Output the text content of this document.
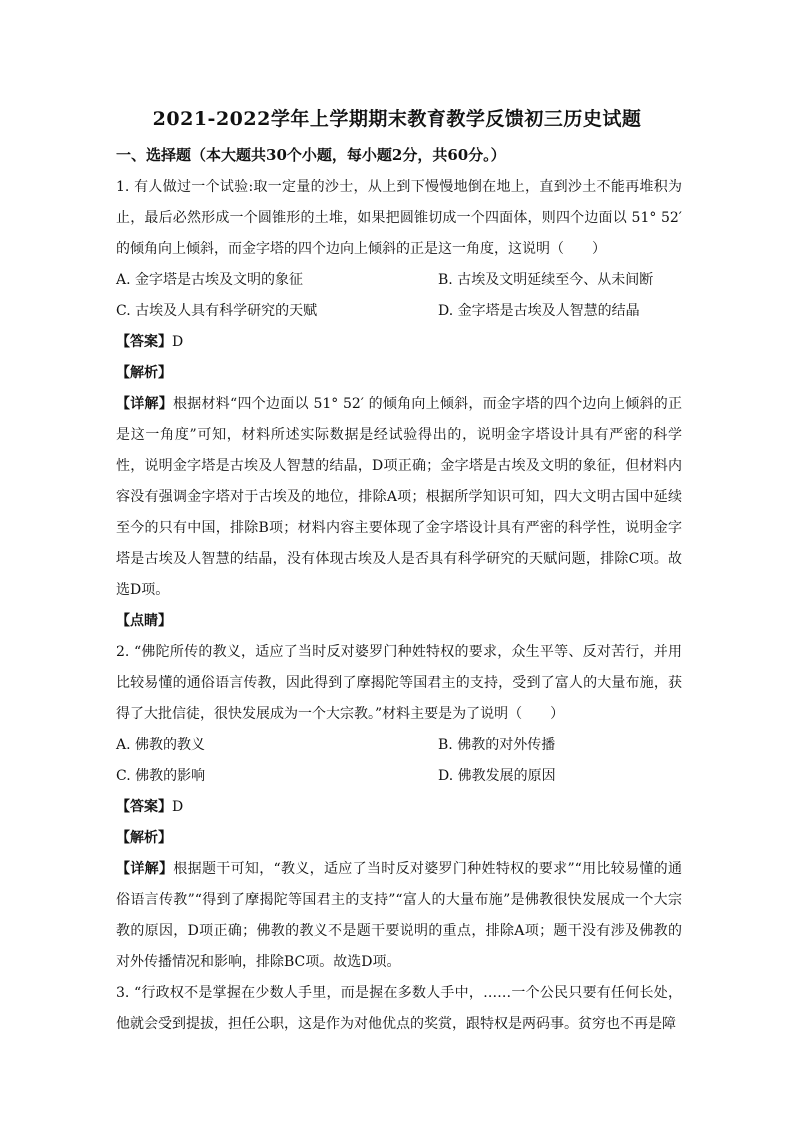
2021-2022学年上学期期末教育教学反馈初三历史试题
一、选择题（本大题共30个小题，每小题2分，共60分。）

1. 有人做过一个试验:取一定量的沙士，从上到下慢慢地倒在地上，直到沙土不能再堆积为止，最后必然形成一个圆锥形的土堆，如果把圆锥切成一个四面体，则四个边面以 51° 52′ 的倾角向上倾斜，而金字塔的四个边向上倾斜的正是这一角度，这说明（　　）

A. 金字塔是古埃及文明的象征	B. 古埃及文明延续至今、从未间断
C. 古埃及人具有科学研究的天赋	D. 金字塔是古埃及人智慧的结晶

【答案】D

【解析】

【详解】根据材料“四个边面以 51° 52′ 的倾角向上倾斜，而金字塔的四个边向上倾斜的正是这一角度”可知，材料所述实际数据是经试验得出的，说明金字塔设计具有严密的科学性，说明金字塔是古埃及人智慧的结晶，D项正确；金字塔是古埃及文明的象征，但材料内容没有强调金字塔对于古埃及的地位，排除A项；根据所学知识可知，四大文明古国中延续至今的只有中国，排除B项；材料内容主要体现了金字塔设计具有严密的科学性，说明金字塔是古埃及人智慧的结晶，没有体现古埃及人是否具有科学研究的天赋问题，排除C项。故选D项。

【点睛】

2. “佛陀所传的教义，适应了当时反对婆罗门种姓特权的要求，众生平等、反对苦行，并用比较易懂的通俗语言传教，因此得到了摩揭陀等国君主的支持，受到了富人的大量布施，获得了大批信徒，很快发展成为一个大宗教。”材料主要是为了说明（　　）

A. 佛教的教义	B. 佛教的对外传播
C. 佛教的影响	D. 佛教发展的原因

【答案】D

【解析】

【详解】根据题干可知，“教义，适应了当时反对婆罗门种姓特权的要求”“用比较易懂的通俗语言传教”“得到了摩揭陀等国君主的支持”“富人的大量布施”是佛教很快发展成一个大宗教的原因，D项正确；佛教的教义不是题干要说明的重点，排除A项；题干没有涉及佛教的对外传播情况和影响，排除BC项。故选D项。

3. “行政权不是掌握在少数人手里，而是握在多数人手中，……一个公民只要有任何长处，他就会受到提拔，担任公职，这是作为对他优点的奖赏，跟特权是两码事。贫穷也不再是障
